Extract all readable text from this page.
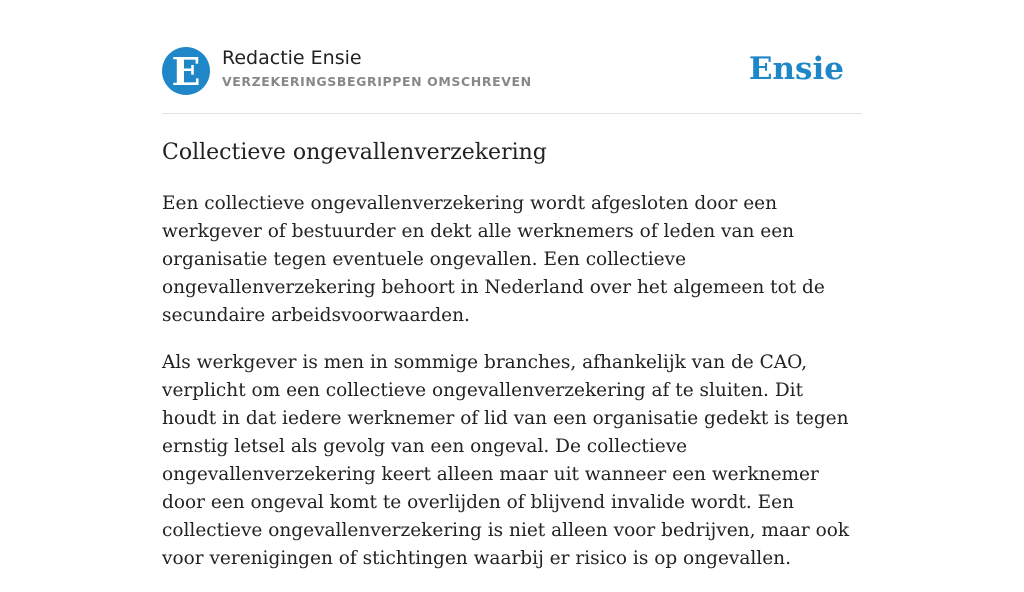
E Redactie Ensie
VERZEKERINGSBEGRIPPEN OMSCHREVEN	Ensie
Collectieve ongevallenverzekering

Een collectieve ongevallenverzekering wordt afgesloten door een werkgever of bestuurder en dekt alle werknemers of leden van een organisatie tegen eventuele ongevallen. Een collectieve ongevallenverzekering behoort in Nederland over het algemeen tot de secundaire arbeidsvoorwaarden.

Als werkgever is men in sommige branches, afhankelijk van de CAO, verplicht om een collectieve ongevallenverzekering af te sluiten. Dit houdt in dat iedere werknemer of lid van een organisatie gedekt is tegen ernstig letsel als gevolg van een ongeval. De collectieve ongevallenverzekering keert alleen maar uit wanneer een werknemer door een ongeval komt te overlijden of blijvend invalide wordt. Een collectieve ongevallenverzekering is niet alleen voor bedrijven, maar ook voor verenigingen of stichtingen waarbij er risico is op ongevallen.
